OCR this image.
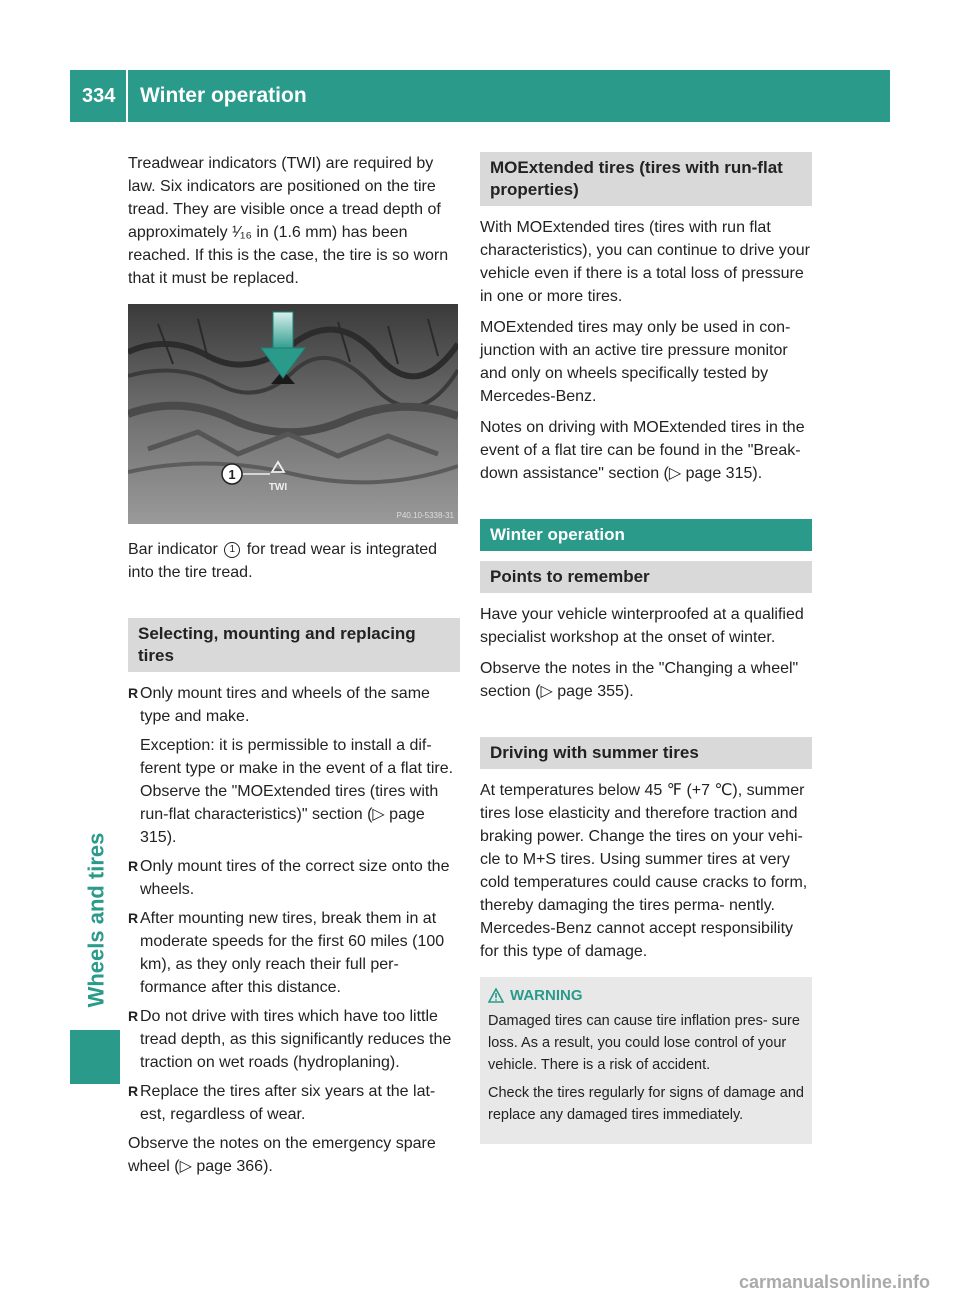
334	Winter operation
Wheels and tires

Treadwear indicators (TWI) are required by law. Six indicators are positioned on the tire tread. They are visible once a tread depth of approximately ¹⁄₁₆ in (1.6 mm) has been reached. If this is the case, the tire is so worn that it must be replaced.

1
TWI
P40.10-5338-31

Bar indicator 1 for tread wear is integrated into the tire tread.

Selecting, mounting and replacing tires
R Only mount tires and wheels of the same type and make.

Exception: it is permissible to install a dif- ferent type or make in the event of a flat tire. Observe the "MOExtended tires (tires with run-flat characteristics)" section (▷ page 315).

R Only mount tires of the correct size onto the wheels.

R After mounting new tires, break them in at moderate speeds for the first 60 miles (100 km), as they only reach their full per- formance after this distance.

R Do not drive with tires which have too little tread depth, as this significantly reduces the traction on wet roads (hydroplaning).

R Replace the tires after six years at the lat- est, regardless of wear.

Observe the notes on the emergency spare wheel (▷ page 366).

MOExtended tires (tires with run-flat properties)

With MOExtended tires (tires with run flat characteristics), you can continue to drive your vehicle even if there is a total loss of pressure in one or more tires.

MOExtended tires may only be used in con- junction with an active tire pressure monitor and only on wheels specifically tested by Mercedes-Benz.

Notes on driving with MOExtended tires in the event of a flat tire can be found in the "Break- down assistance" section (▷ page 315).

Winter operation
Points to remember

Have your vehicle winterproofed at a qualified specialist workshop at the onset of winter.

Observe the notes in the "Changing a wheel" section (▷ page 355).

Driving with summer tires

At temperatures below 45 ℉ (+7 ℃), summer tires lose elasticity and therefore traction and braking power. Change the tires on your vehi- cle to M+S tires. Using summer tires at very cold temperatures could cause cracks to form, thereby damaging the tires perma- nently. Mercedes-Benz cannot accept responsibility for this type of damage.

WARNING

Damaged tires can cause tire inflation pres- sure loss. As a result, you could lose control of your vehicle. There is a risk of accident.

Check the tires regularly for signs of damage and replace any damaged tires immediately.

carmanualsonline.info
